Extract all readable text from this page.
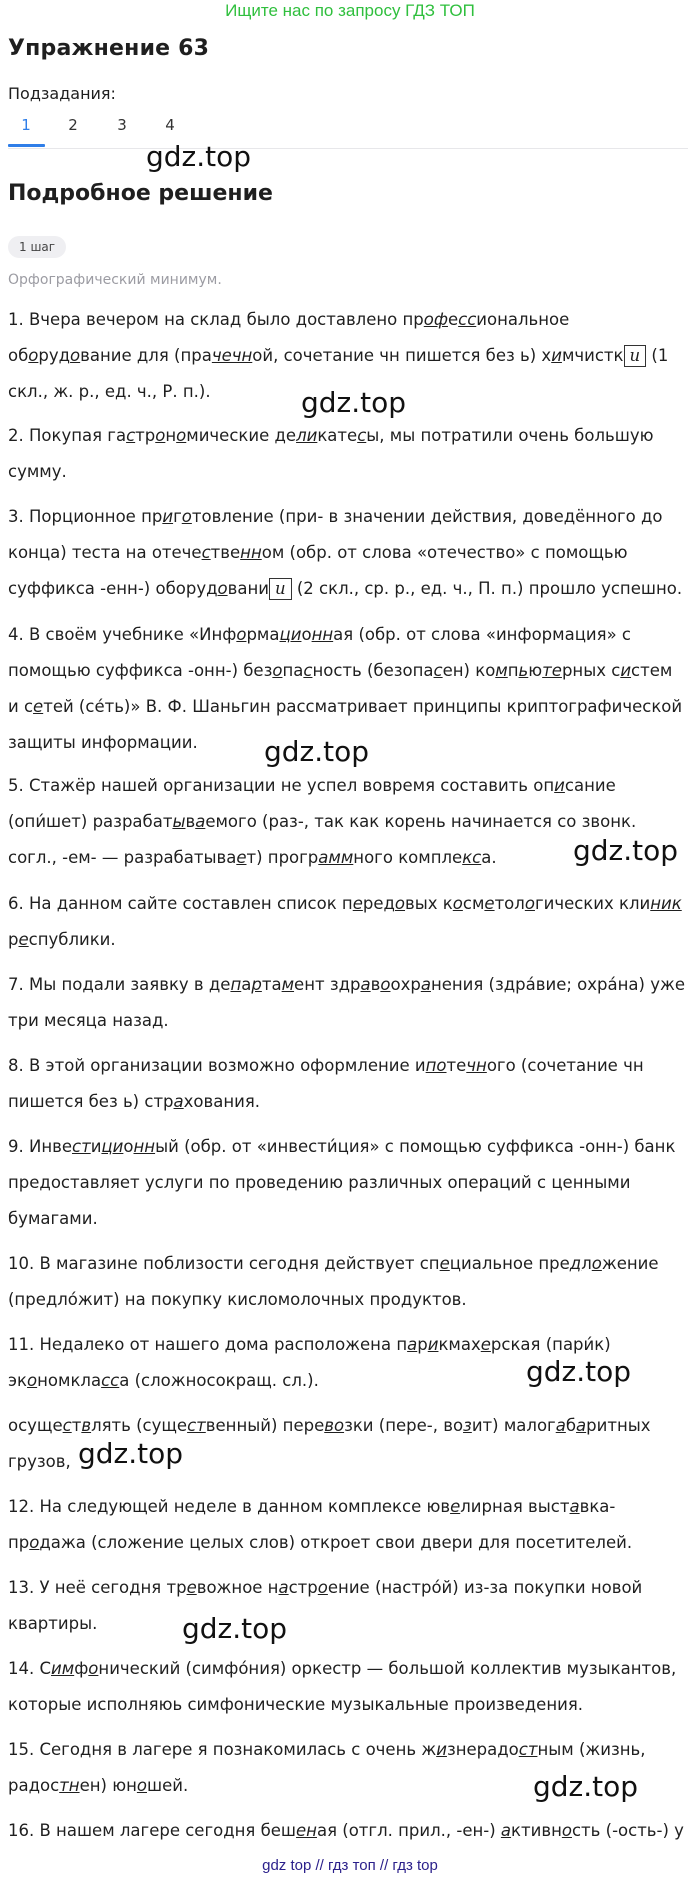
Ищите нас по запросу ГДЗ ТОП
Упражнение 63
Подзадания:
1	2	3	4
gdz.top
Подробное решение
1 шаг
Орфографический минимум.
1. Вчера вечером на склад было доставлено профессиональное оборудование для (прачечной, сочетание чн пишется без ь) химчистк и (1 скл., ж. р., ед. ч., Р. п.).	gdz.top
2. Покупая гастрономические деликатесы, мы потратили очень большую сумму.
3. Порционное приготовление (при- в значении действия, доведённого до конца) теста на отечественном (обр. от слова «отечество» с помощью суффикса -енн-) оборудовани и (2 скл., ср. р., ед. ч., П. п.) прошло успешно.
4. В своём учебнике «Информационная (обр. от слова «информация» с помощью суффикса -онн-) безопасность (безопасен) компьютерных систем и сетей (се́ть)» В. Ф. Шаньгин рассматривает принципы криптографической защиты информации.	gdz.top
5. Стажёр нашей организации не успел вовремя составить описание (опи́шет) разрабатываемого (раз-, так как корень начинается со звонк. согл., -ем- — разрабатывает) программного комплекса.	gdz.top
6. На данном сайте составлен список передовых косметологических клиник республики.
7. Мы подали заявку в департамент здравоохранения (здра́вие; охра́на) уже три месяца назад.
8. В этой организации возможно оформление ипотечного (сочетание чн пишется без ь) страхования.
9. Инвестиционный (обр. от «инвести́ция» с помощью суффикса -онн-) банк предоставляет услуги по проведению различных операций с ценными бумагами.
10. В магазине поблизости сегодня действует специальное предложение (предло́жит) на покупку кисломолочных продуктов.
11. Недалеко от нашего дома расположена парикмахерская (пари́к) экономкласса (сложносокращ. сл.).	gdz.top
осуществлять (существенный) перевозки (пере-, возит) малогабаритных грузов, gdz.top
12. На следующей неделе в данном комплексе ювелирная выставка-продажа (сложение целых слов) откроет свои двери для посетителей.
13. У неё сегодня тревожное настроение (настро́й) из-за покупки новой квартиры.	gdz.top
14. Симфонический (симфо́ния) оркестр — большой коллектив музыкантов, которые исполняюь симфонические музыкальные произведения.
15. Сегодня в лагере я познакомилась с очень жизнерадостным (жизнь, радостнен) юношей.	gdz.top
16. В нашем лагере сегодня бешеная (отгл. прил., -ен-) активность (-ость-) у
gdz top // гдз топ // гдз top
